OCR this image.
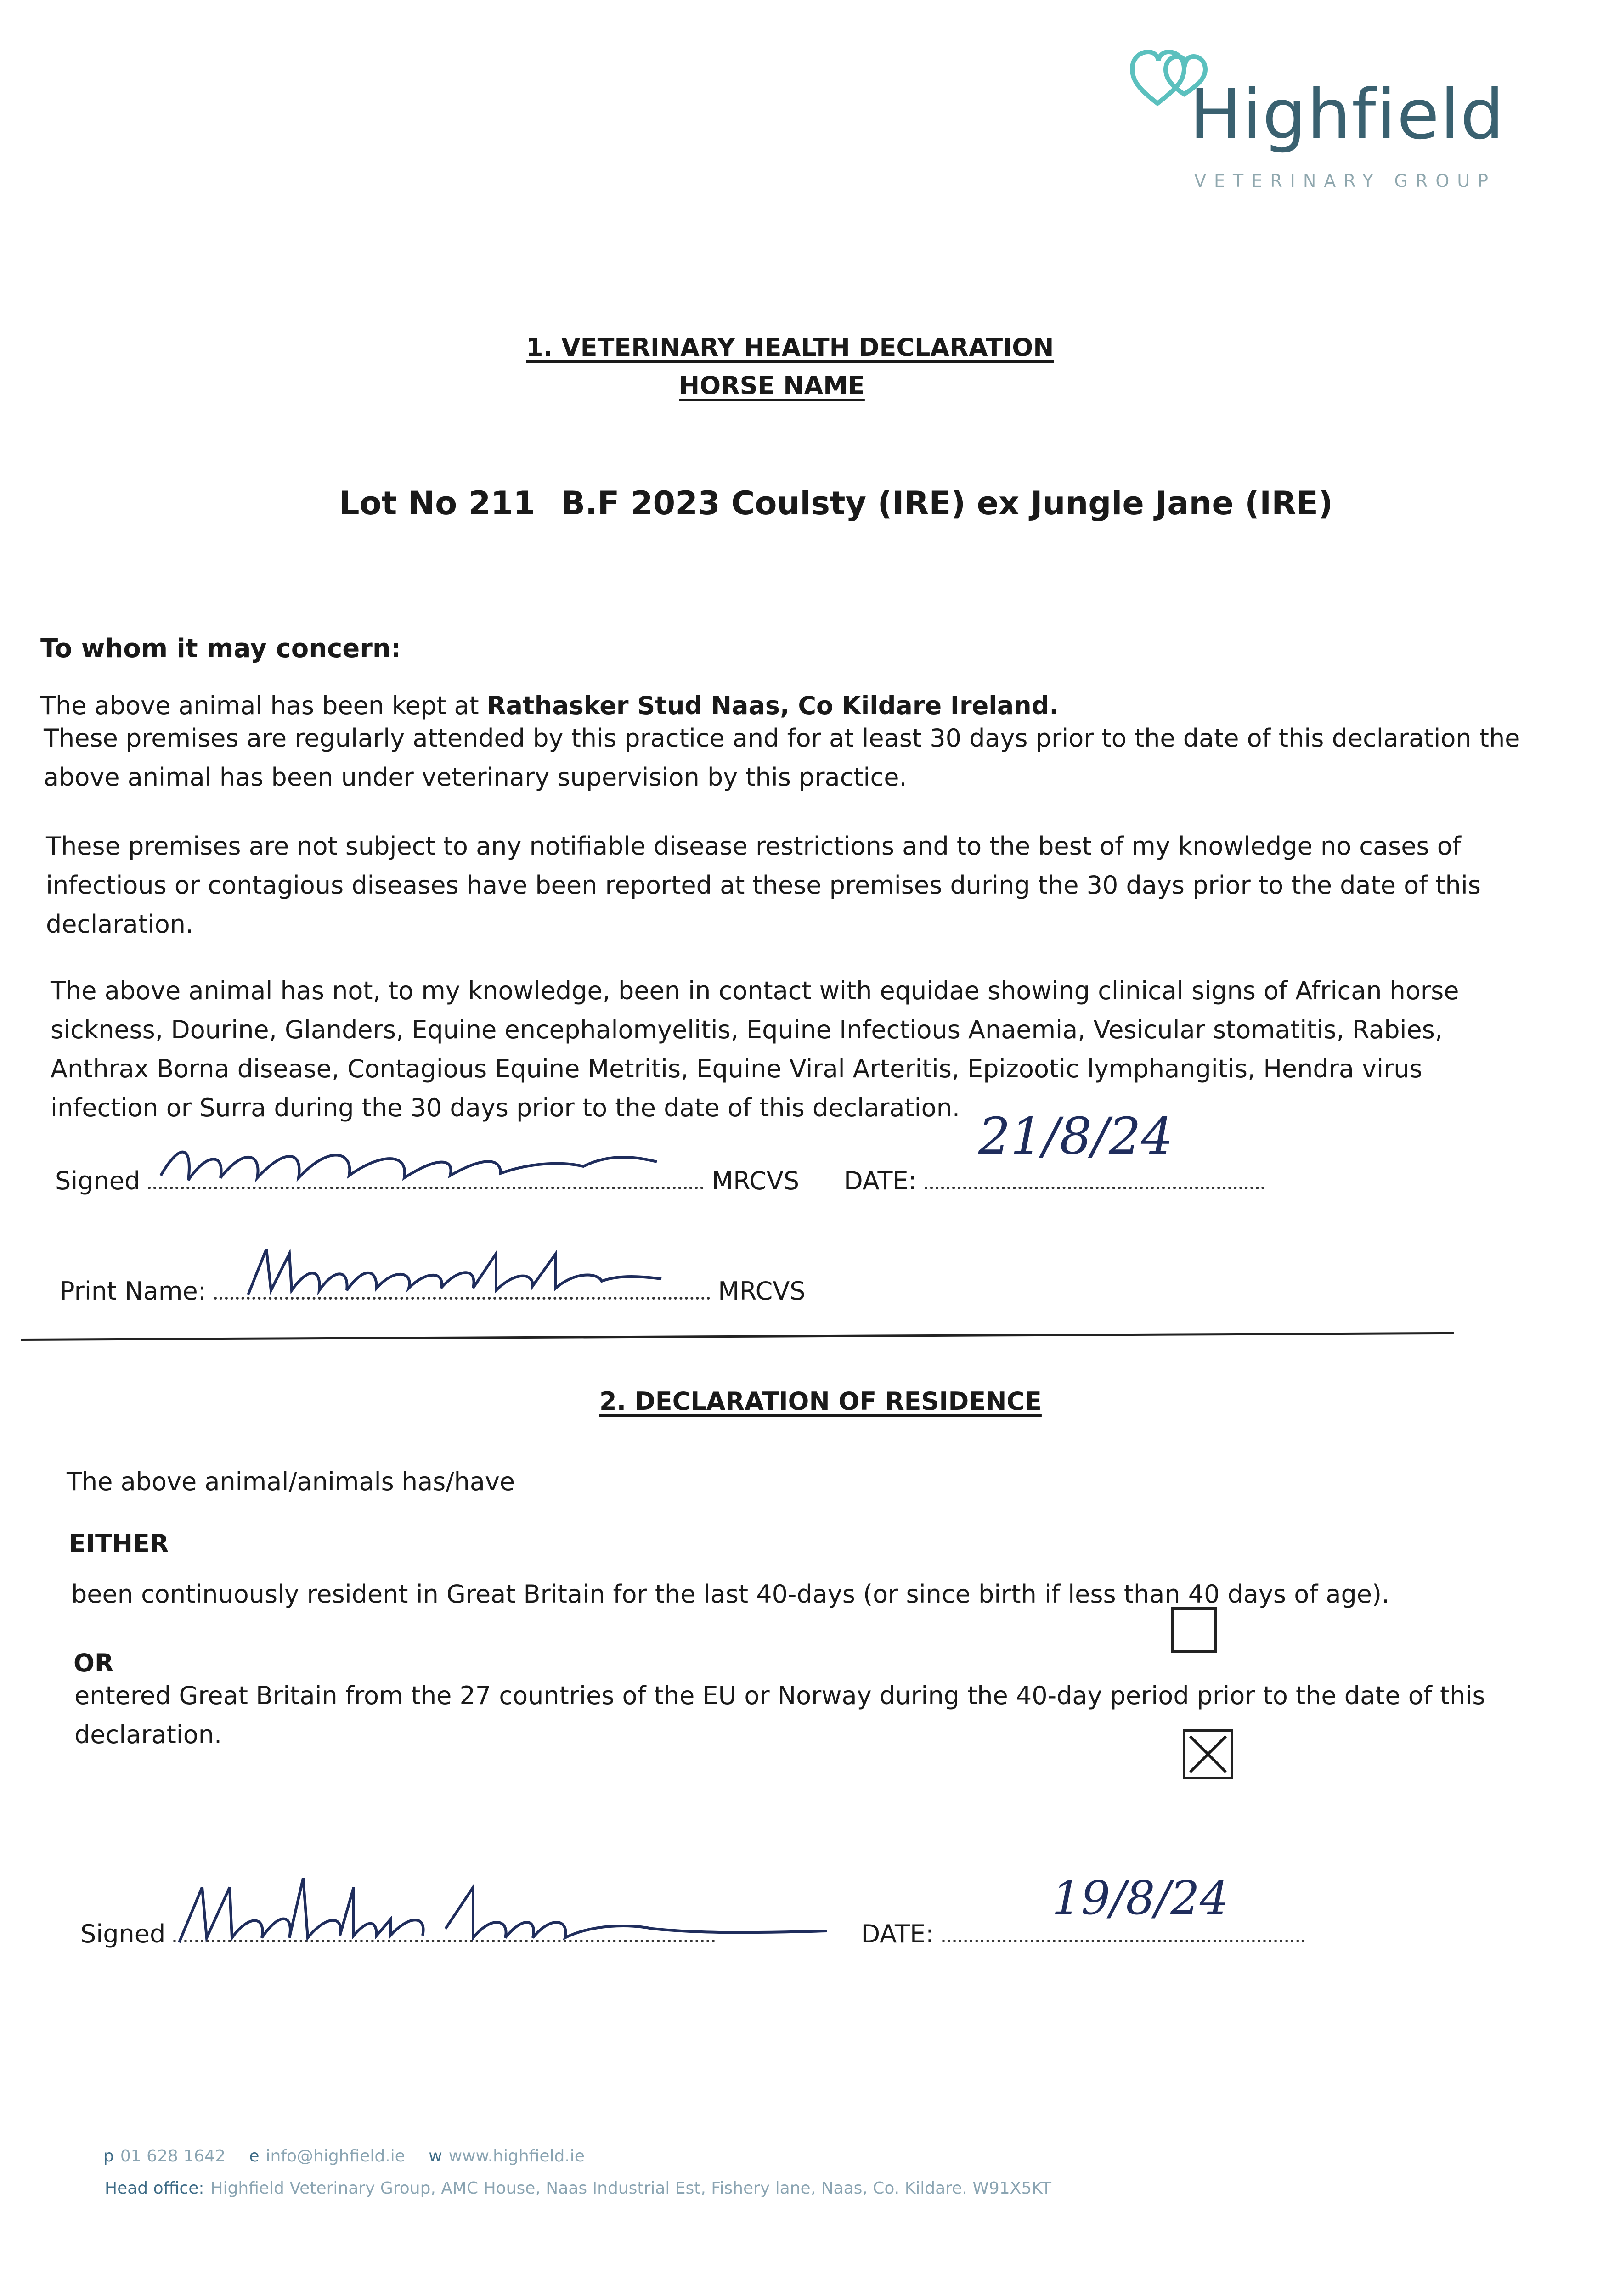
Highfield
VETERINARY GROUP
1. VETERINARY HEALTH DECLARATION
HORSE NAME
Lot No 211 B.F 2023 Coulsty (IRE) ex Jungle Jane (IRE)
To whom it may concern:
The above animal has been kept at Rathasker Stud Naas, Co Kildare Ireland.
These premises are regularly attended by this practice and for at least 30 days prior to the date of this declaration the above animal has been under veterinary supervision by this practice.
These premises are not subject to any notifiable disease restrictions and to the best of my knowledge no cases of infectious or contagious diseases have been reported at these premises during the 30 days prior to the date of this declaration.
The above animal has not, to my knowledge, been in contact with equidae showing clinical signs of African horse sickness, Dourine, Glanders, Equine encephalomyelitis, Equine Infectious Anaemia, Vesicular stomatitis, Rabies, Anthrax Borna disease, Contagious Equine Metritis, Equine Viral Arteritis, Epizootic lymphangitis, Hendra virus infection or Surra during the 30 days prior to the date of this declaration.
Signed	MRCVS DATE:
21/8/24
Print Name:	MRCVS
2. DECLARATION OF RESIDENCE
The above animal/animals has/have
EITHER
been continuously resident in Great Britain for the last 40-days (or since birth if less than 40 days of age).
OR
entered Great Britain from the 27 countries of the EU or Norway during the 40-day period prior to the date of this declaration.
Signed	DATE:
19/8/24
p 01 628 1642 e info@highfield.ie w www.highfield.ie
Head office: Highfield Veterinary Group, AMC House, Naas Industrial Est, Fishery lane, Naas, Co. Kildare. W91X5KT
